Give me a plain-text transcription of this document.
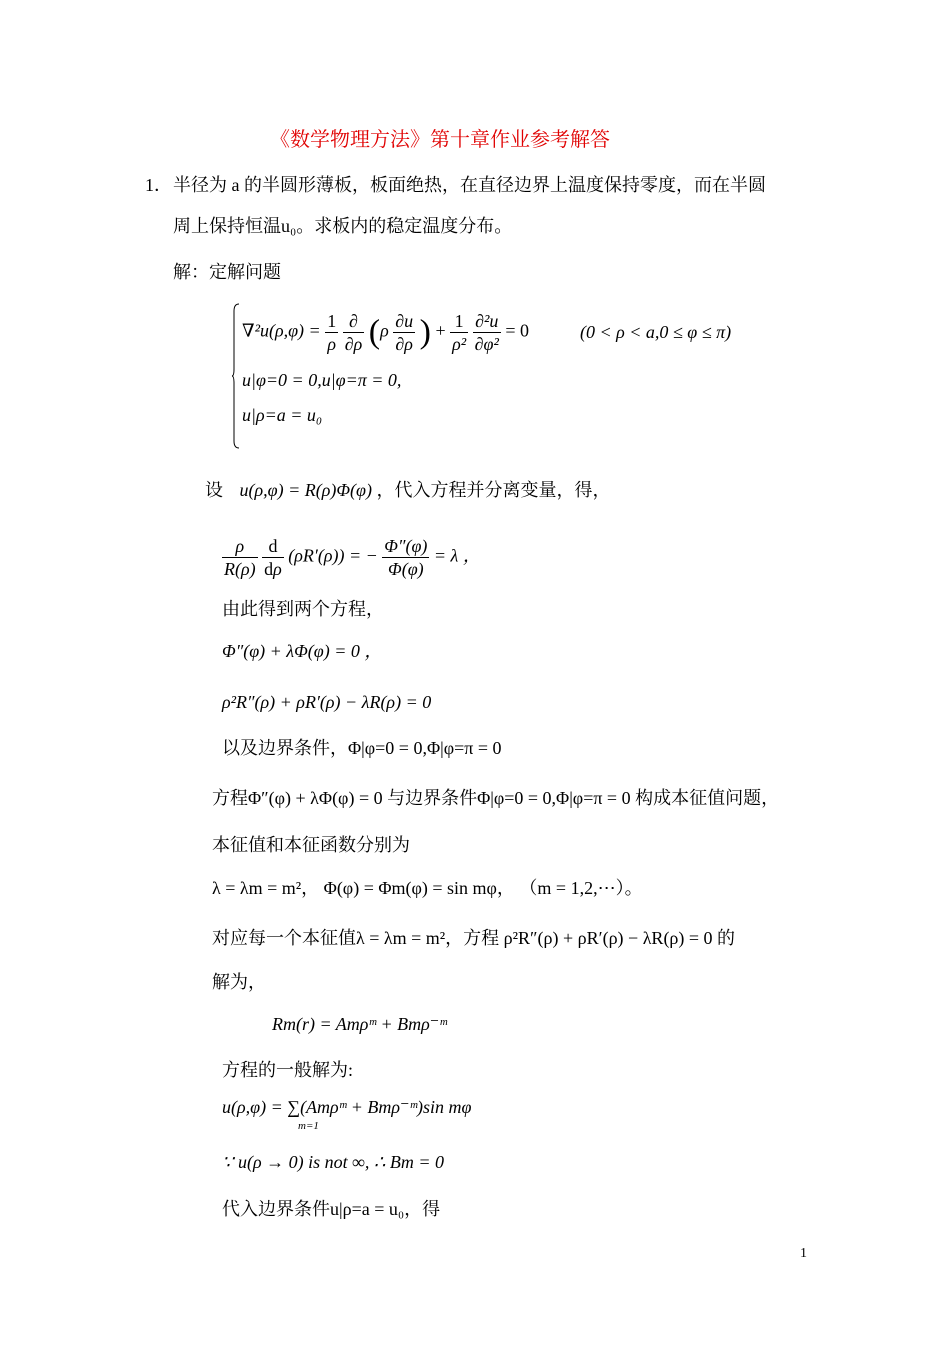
《数学物理方法》第十章作业参考解答
1． 半径为 a 的半圆形薄板，板面绝热，在直径边界上温度保持零度，而在半圆
周上保持恒温u₀。求板内的稳定温度分布。
解：定解问题
$\nabla^2u(\rho,\varphi) = \frac{1}{\rho}$
$\frac{\partial}{\partial\rho} (\rho \frac{\partial u}{\partial\rho}$ ) + $\frac{1}{\text{ρ²}}$
$\frac{\text{∂²u}}{\text{∂φ²}} = 0$	(0 < ρ < a,0 ≤ φ ≤ π)
u|φ=0 = 0,u|φ=π = 0,
u|ρ=a = u₀
设 u(ρ,φ) = R(ρ)Φ(φ) ，代入方程并分离变量，得，
$\frac{\rho}{R(\rho)}$
$\frac{d}{d\rho} (\rho R'(\rho))$ = − $\frac{\Phi''(\varphi)}{\Phi(\varphi)} = \lambda$ ，
由此得到两个方程，
Φ″(φ) + λΦ(φ) = 0 ，
ρ²R″(ρ) + ρR′(ρ) − λR(ρ) = 0
以及边界条件，Φ|φ=0 = 0,Φ|φ=π = 0
方程Φ″(φ) + λΦ(φ) = 0 与边界条件Φ|φ=0 = 0,Φ|φ=π = 0 构成本征值问题，
本征值和本征函数分别为
λ = λm = m²， Φ(φ) = Φm(φ) = sin mφ， （m = 1,2,⋯）。
对应每一个本征值λ = λm = m²，方程 ρ²R″(ρ) + ρR′(ρ) − λR(ρ) = 0 的
解为，
Rm(r) = Amρᵐ + Bmρ⁻ᵐ
方程的一般解为:
u(ρ,φ) = ∑(Amρᵐ + Bmρ⁻ᵐ)sin mφ
m=1
∵ u(ρ → 0) is not ∞, ∴ Bm = 0
代入边界条件u|ρ=a = u₀，得
1
